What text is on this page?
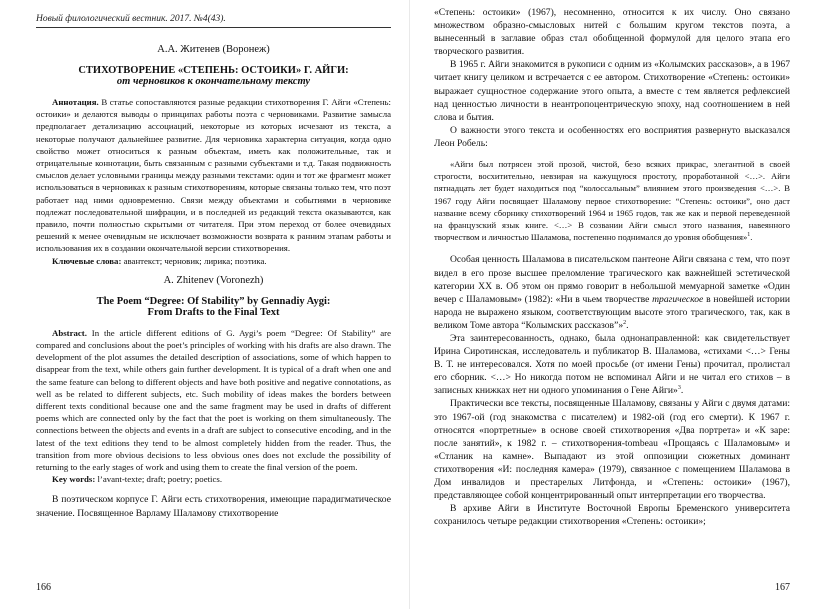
Новый филологический вестник. 2017. №4(43).
А.А. Житенев (Воронеж)
СТИХОТВОРЕНИЕ «СТЕПЕНЬ: ОСТОИКИ» Г. АЙГИ:
от черновиков к окончательному тексту

Аннотация. В статье сопоставляются разные редакции стихотворения Г. Айги «Степень: остоики» и делаются выводы о принципах работы поэта с черновиками. Развитие замысла предполагает детализацию ассоциаций, некоторые из которых исчезают из текста, а некоторые получают дальнейшее развитие. Для черновика характерна ситуация, когда одно свойство может относиться к разным объектам, иметь как положительные, так и отрицательные коннотации, быть связанным с разными субъектами и т.д. Такая подвижность смыслов делает условными границы между разными текстами: один и тот же фрагмент может использоваться в черновиках к разным стихотворениям, которые связаны только тем, что поэт работает над ними одновременно. Связи между объектами и событиями в черновике подлежат последовательной шифрации, и в последней из редакций текста оказываются, как правило, почти полностью скрытыми от читателя. При этом переход от более очевидных решений к менее очевидным не исключает возможности возврата к ранним этапам работы и использования их в создании окончательной версии стихотворения.

Ключевые слова: авантекст; черновик; лирика; поэтика.

A. Zhitenev (Voronezh)
The Poem “Degree: Of Stability” by Gennadiy Aygi:
From Drafts to the Final Text

Abstract. In the article different editions of G. Aygi’s poem “Degree: Of Stability” are compared and conclusions about the poet’s principles of working with his drafts are also drawn. The development of the plot assumes the detailed description of associations, some of which happen to disappear from the text, while others gain further development. It is typical of a draft when one and the same feature can belong to different objects and have both positive and negative connotations, as well as be related to different subjects, etc. Such mobility of ideas makes the borders between different texts conditional because one and the same fragment may be used in drafts of different poems which are connected only by the fact that the poet is working on them simultaneously. The connections between the objects and events in a draft are subject to consecutive encoding, and in the latest of the text editions they tend to be almost completely hidden from the reader. Thus, the transition from more obvious decisions to less obvious ones does not exclude the possibility of returning to the early stages of work and using them to create the final version of the poem.

Key words: l’avant-texte; draft; poetry; poetics.

В поэтическом корпусе Г. Айги есть стихотворения, имеющие парадигматическое значение. Посвященное Варламу Шаламову стихотворение

166

«Степень: остоики» (1967), несомненно, относится к их числу. Оно связано множеством образно-смысловых нитей с большим кругом текстов поэта, а вынесенный в заглавие образ стал обобщенной формулой для целого этапа его творческого развития.

В 1965 г. Айги знакомится в рукописи с одним из «Колымских рассказов», а в 1967 читает книгу целиком и встречается с ее автором. Стихотворение «Степень: остоики» выражает сущностное содержание этого опыта, а вместе с тем является рефлексией над ценностью личности в неантропоцентрическую эпоху, над соотношением в ней слова и бытия.

О важности этого текста и особенностях его восприятия развернуто высказался Леон Робель:

«Айги был потрясен этой прозой, чистой, безо всяких прикрас, элегантной в своей строгости, восхитительно, невзирая на кажущуюся простоту, проработанной <…>. Айги пятнадцать лет будет находиться под “колоссальным” влиянием этого произведения <…>. В 1967 году Айги посвящает Шаламову первое стихотворение: “Степень: остоики”, оно даст название всему сборнику стихотворений 1964 и 1965 годов, так же как и первой переведенной на французский язык книге. <…> В созвании Айги смысл этого названия, навеянного творчеством и личностью Шаламова, постепенно поднимался до уровня обобщения»$^1$.

Особая ценность Шаламова в писательском пантеоне Айги связана с тем, что поэт видел в его прозе высшее преломление трагического как важнейшей эстетической категории XX в. Об этом он прямо говорит в небольшой мемуарной заметке «Один вечер с Шаламовым» (1982): «Ни в чьем творчестве трагическое в новейшей истории народа не выражено языком, соответствующим высоте этого трагического, так, как в великом Томе автора “Колымских рассказов”»$^2$.

Эта заинтересованность, однако, была однонаправленной: как свидетельствует Ирина Сиротинская, исследователь и публикатор В. Шаламова, «стихами <…> Гены В. Т. не интересовался. Хотя по моей просьбе (от имени Гены) прочитал, пролистал его сборник. <…> Но никогда потом не вспоминал Айги и не читал его стихов – в записных книжках нет ни одного упоминания о Гене Айги»$^3$.

Практически все тексты, посвященные Шаламову, связаны у Айги с двумя датами: это 1967-ой (год знакомства с писателем) и 1982-ой (год его смерти). К 1967 г. относятся «портретные» в основе своей стихотворения «Два портрета» и «К заре: после занятий», к 1982 г. – стихотворения-tombeau «Прощаясь с Шаламовым» и «Стланик на камне». Выпадают из этой оппозиции сюжетных доминант стихотворения «И: последняя камера» (1979), связанное с помещением Шаламова в Дом инвалидов и престарелых Литфонда, и «Степень: остоики» (1967), представляющее собой концентрированный опыт интерпретации его творчества.

В архиве Айги в Институте Восточной Европы Бременского университета сохранилось четыре редакции стихотворения «Степень: остоики»;

167
